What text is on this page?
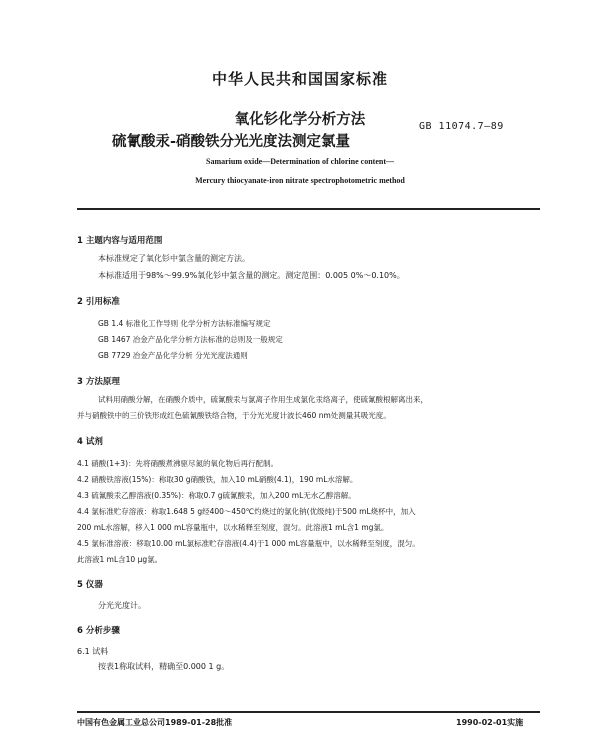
中华人民共和国国家标准
氧化钐化学分析方法
硫氰酸汞-硝酸铁分光光度法测定氯量
GB 11074.7—89
Samarium oxide—Determination of chlorine content—
Mercury thiocyanate-iron nitrate spectrophotometric method
1 主题内容与适用范围
本标准规定了氧化钐中氯含量的测定方法。
本标准适用于98%～99.9%氧化钐中氯含量的测定。测定范围：0.005 0%～0.10%。
2 引用标准
GB 1.4 标准化工作导则 化学分析方法标准编写规定
GB 1467 冶金产品化学分析方法标准的总则及一般规定
GB 7729 冶金产品化学分析 分光光度法通则
3 方法原理
试料用硝酸分解，在硝酸介质中，硫氰酸汞与氯离子作用生成氯化汞络离子，使硫氰酸根解离出来，
并与硝酸铁中的三价铁形成红色硫氰酸铁络合物，于分光光度计波长460 nm处测量其吸光度。
4 试剂
4.1 硝酸(1+3)：先将硝酸煮沸驱尽氮的氧化物后再行配制。
4.2 硝酸铁溶液(15%)：称取30 g硝酸铁，加入10 mL硝酸(4.1)，190 mL水溶解。
4.3 硫氰酸汞乙醇溶液(0.35%)：称取0.7 g硫氰酸汞，加入200 mL无水乙醇溶解。
4.4 氯标准贮存溶液：称取1.648 5 g经400～450℃灼烧过的氯化钠(优级纯)于500 mL烧杯中，加入
200 mL水溶解，移入1 000 mL容量瓶中，以水稀释至刻度，混匀。此溶液1 mL含1 mg氯。
4.5 氯标准溶液：移取10.00 mL氯标准贮存溶液(4.4)于1 000 mL容量瓶中，以水稀释至刻度，混匀。
此溶液1 mL含10 μg氯。
5 仪器
分光光度计。
6 分析步骤
6.1 试料
按表1称取试料，精确至0.000 1 g。
中国有色金属工业总公司1989-01-28批准	1990-02-01实施
